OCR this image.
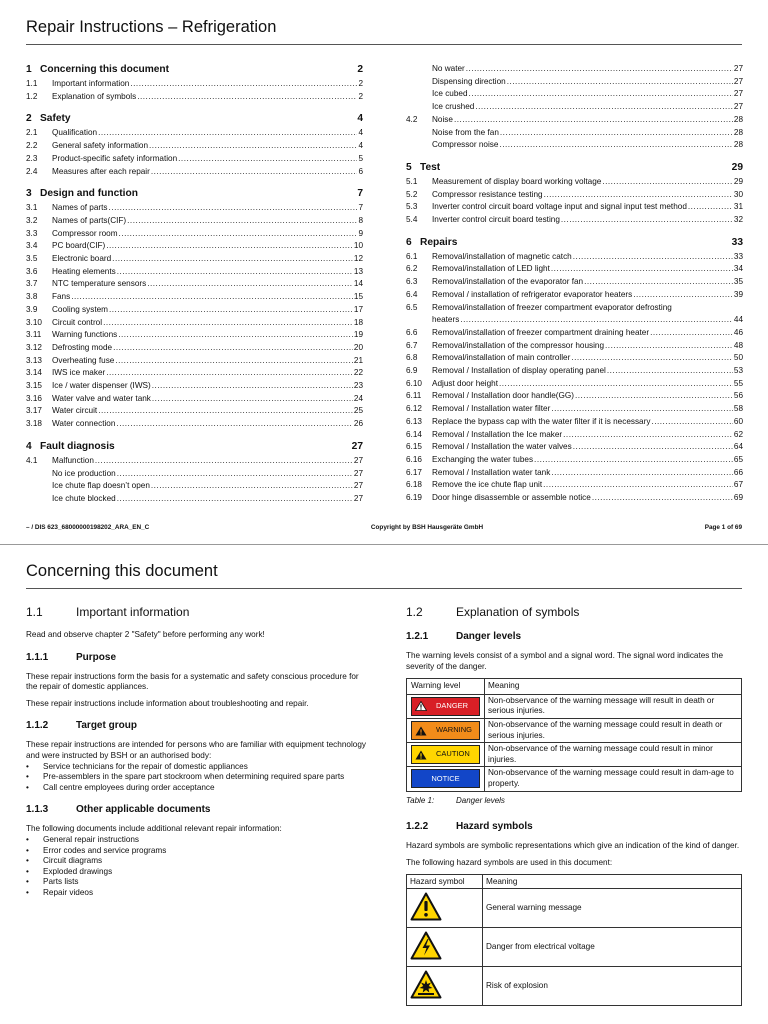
Repair Instructions – Refrigeration
1 Concerning this document	2
1.1	Important information .....	2
1.2	Explanation of symbols .....	2
2 Safety	4
2.1	Qualification .....	4
2.2	General safety information .....	4
2.3	Product-specific safety information .....	5
2.4	Measures after each repair .....	6
3 Design and function	7
3.1	Names of parts .....	7
3.2	Names of parts(CIF) .....	8
3.3	Compressor room .....	9
3.4	PC board(CIF) .....	10
3.5	Electronic board .....	12
3.6	Heating elements .....	13
3.7	NTC temperature sensors .....	14
3.8	Fans .....	15
3.9	Cooling system .....	17
3.10	Circuit control .....	18
3.11	Warning functions .....	19
3.12	Defrosting mode .....	20
3.13	Overheating fuse .....	21
3.14	IWS ice maker .....	22
3.15	Ice / water dispenser (IWS) .....	23
3.16	Water valve and water tank .....	24
3.17	Water circuit .....	25
3.18	Water connection .....	26
4 Fault diagnosis	27
4.1	Malfunction .....	27
No ice production .....	27
Ice chute flap doesn’t open .....	27
Ice chute blocked .....	27
No water .....	27
Dispensing direction .....	27
Ice cubed .....	27
Ice crushed .....	27
4.2	Noise .....	28
Noise from the fan .....	28
Compressor noise .....	28
5 Test	29
5.1	Measurement of display board working voltage .....	29
5.2	Compressor resistance testing .....	30
5.3	Inverter control circuit board voltage input and signal input test method .....	31
5.4	Inverter control circuit board testing .....	32
6 Repairs	33
6.1	Removal/installation of magnetic catch .....	33
6.2	Removal/installation of LED light .....	34
6.3	Removal/installation of the evaporator fan .....	35
6.4	Removal / installation of refrigerator evaporator heaters .....	39
6.5	Removal/installation of freezer compartment evaporator defrosting
heaters .....	44
6.6	Removal/installation of freezer compartment draining heater .....	46
6.7	Removal/installation of the compressor housing .....	48
6.8	Removal/installation of main controller .....	50
6.9	Removal / Installation of display operating panel .....	53
6.10	Adjust door height .....	55
6.11	Removal / Installation door handle(GG) .....	56
6.12	Removal / Installation water filter .....	58
6.13	Replace the bypass cap with the water filter if it is necessary .....	60
6.14	Removal / Installation the Ice maker .....	62
6.15	Removal / Installation the water valves .....	64
6.16	Exchanging the water tubes .....	65
6.17	Removal / Installation water tank .....	66
6.18	Remove the ice chute flap unit .....	67
6.19	Door hinge disassemble or assemble notice .....	69
– / DIS 623_68000000198202_ARA_EN_C	Copyright by BSH Hausgeräte GmbH	Page 1 of 69
Concerning this document
1.1	Important information
Read and observe chapter 2 "Safety" before performing any work!
1.1.1	Purpose
These repair instructions form the basis for a systematic and safety conscious procedure for the repair of domestic appliances.
These repair instructions include information about troubleshooting and repair.
1.1.2	Target group
These repair instructions are intended for persons who are familiar with equipment technology and were instructed by BSH or an authorised body:
• Service technicians for the repair of domestic appliances
• Pre-assemblers in the spare part stockroom when determining required spare parts
• Call centre employees during order acceptance
1.1.3	Other applicable documents
The following documents include additional relevant repair information:
• General repair instructions
• Error codes and service programs
• Circuit diagrams
• Exploded drawings
• Parts lists
• Repair videos
1.2	Explanation of symbols
1.2.1	Danger levels
The warning levels consist of a symbol and a signal word. The signal word indicates the severity of the danger.
Warning level	Meaning

DANGER	Non-observance of the warning message will result in death or serious injuries.

WARNING	Non-observance of the warning message could result in death or serious injuries.

CAUTION	Non-observance of the warning message could result in minor injuries.

NOTICE	Non-observance of the warning message could result in dam-age to property.
Table 1:	Danger levels
1.2.2	Hazard symbols
Hazard symbols are symbolic representations which give an indication of the kind of danger.
The following hazard symbols are used in this document:
Hazard symbol	Meaning
	General warning message
	Danger from electrical voltage
	Risk of explosion
